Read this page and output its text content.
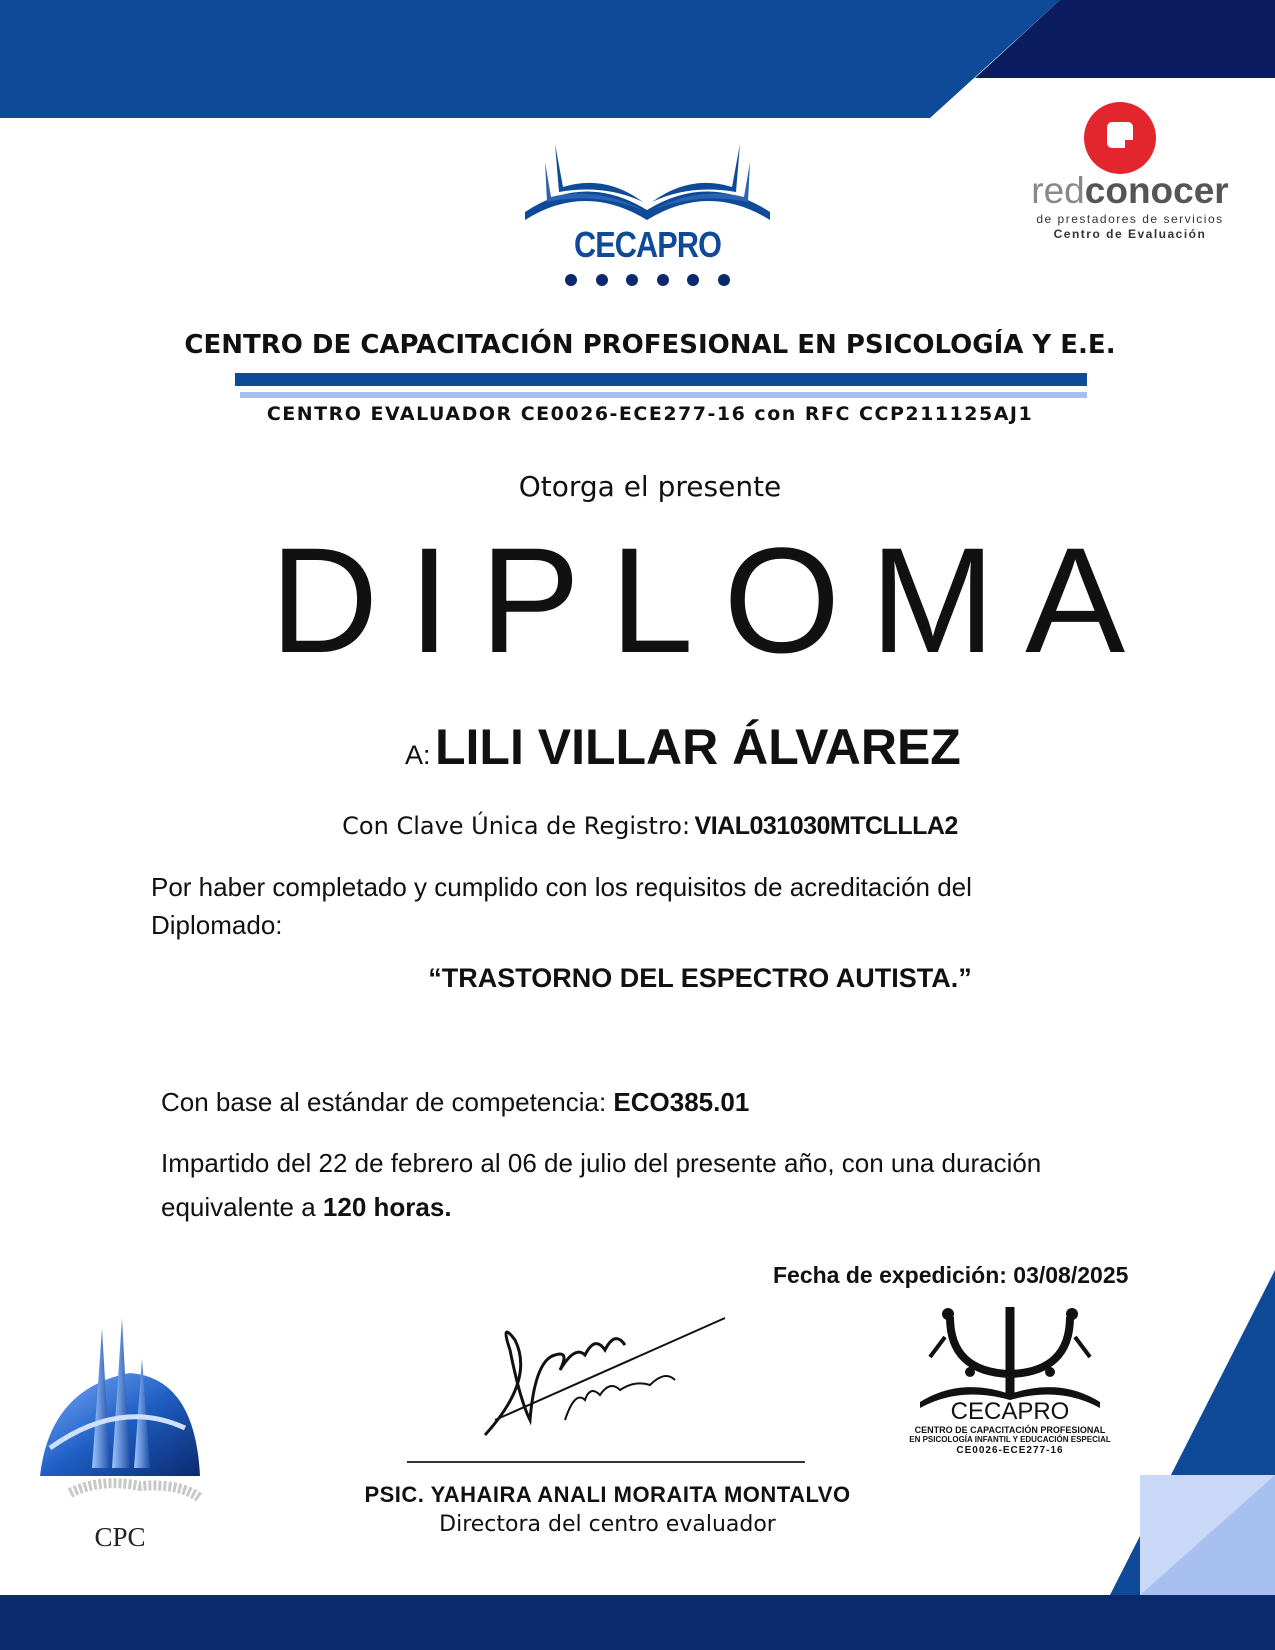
CECAPRO
redconocer
de prestadores de servicios
Centro de Evaluación
CENTRO DE CAPACITACIÓN PROFESIONAL EN PSICOLOGÍA Y E.E.
CENTRO EVALUADOR CE0026-ECE277-16 con RFC CCP211125AJ1
Otorga el presente
DIPLOMA
A: LILI VILLAR ÁLVAREZ
Con Clave Única de Registro: VIAL031030MTCLLLA2
Por haber completado y cumplido con los requisitos de acreditación del
Diplomado:
“TRASTORNO DEL ESPECTRO AUTISTA.”
Con base al estándar de competencia: ECO385.01
Impartido del 22 de febrero al 06 de julio del presente año, con una duración
equivalente a 120 horas.
Fecha de expedición: 03/08/2025
CPC
PSIC. YAHAIRA ANALI MORAITA MONTALVO
Directora del centro evaluador
CECAPRO
CENTRO DE CAPACITACIÓN PROFESIONAL
EN PSICOLOGÍA INFANTIL Y EDUCACIÓN ESPECIAL
CE0026-ECE277-16
